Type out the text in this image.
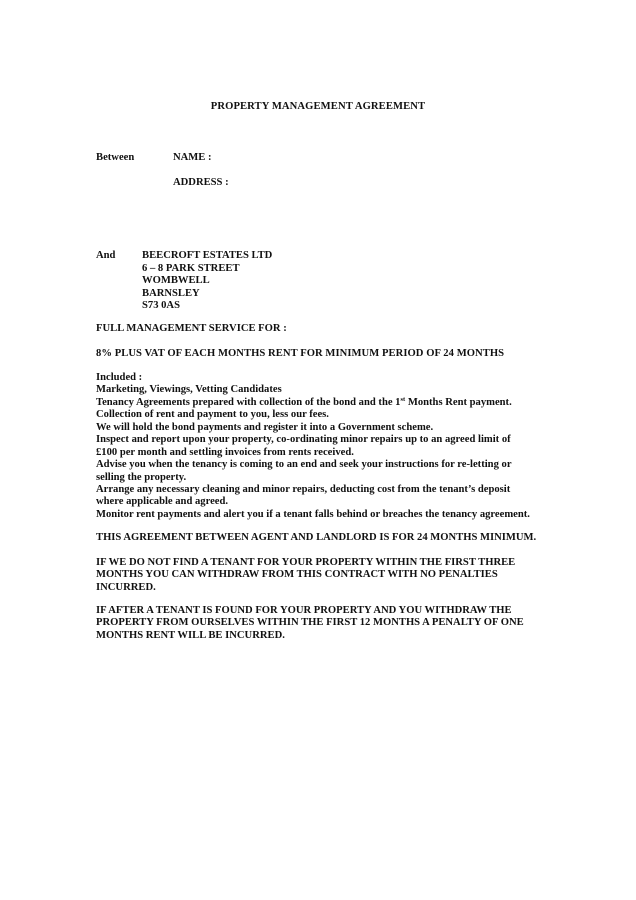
PROPERTY MANAGEMENT AGREEMENT
Between	NAME :
ADDRESS :
And	BEECROFT ESTATES LTD
6 – 8 PARK STREET
WOMBWELL
BARNSLEY
S73 0AS
FULL MANAGEMENT SERVICE FOR :
8% PLUS VAT OF EACH MONTHS RENT FOR MINIMUM PERIOD OF 24 MONTHS
Included :
Marketing, Viewings, Vetting Candidates
Tenancy Agreements prepared with collection of the bond and the 1st Months Rent payment.
Collection of rent and payment to you, less our fees.
We will hold the bond payments and register it into a Government scheme.
Inspect and report upon your property, co-ordinating minor repairs up to an agreed limit of
£100 per month and settling invoices from rents received.
Advise you when the tenancy is coming to an end and seek your instructions for re-letting or
selling the property.
Arrange any necessary cleaning and minor repairs, deducting cost from the tenant’s deposit
where applicable and agreed.
Monitor rent payments and alert you if a tenant falls behind or breaches the tenancy agreement.
THIS AGREEMENT BETWEEN AGENT AND LANDLORD IS FOR 24 MONTHS MINIMUM.
IF WE DO NOT FIND A TENANT FOR YOUR PROPERTY WITHIN THE FIRST THREE
MONTHS YOU CAN WITHDRAW FROM THIS CONTRACT WITH NO PENALTIES
INCURRED.
IF AFTER A TENANT IS FOUND FOR YOUR PROPERTY AND YOU WITHDRAW THE
PROPERTY FROM OURSELVES WITHIN THE FIRST 12 MONTHS A PENALTY OF ONE
MONTHS RENT WILL BE INCURRED.
